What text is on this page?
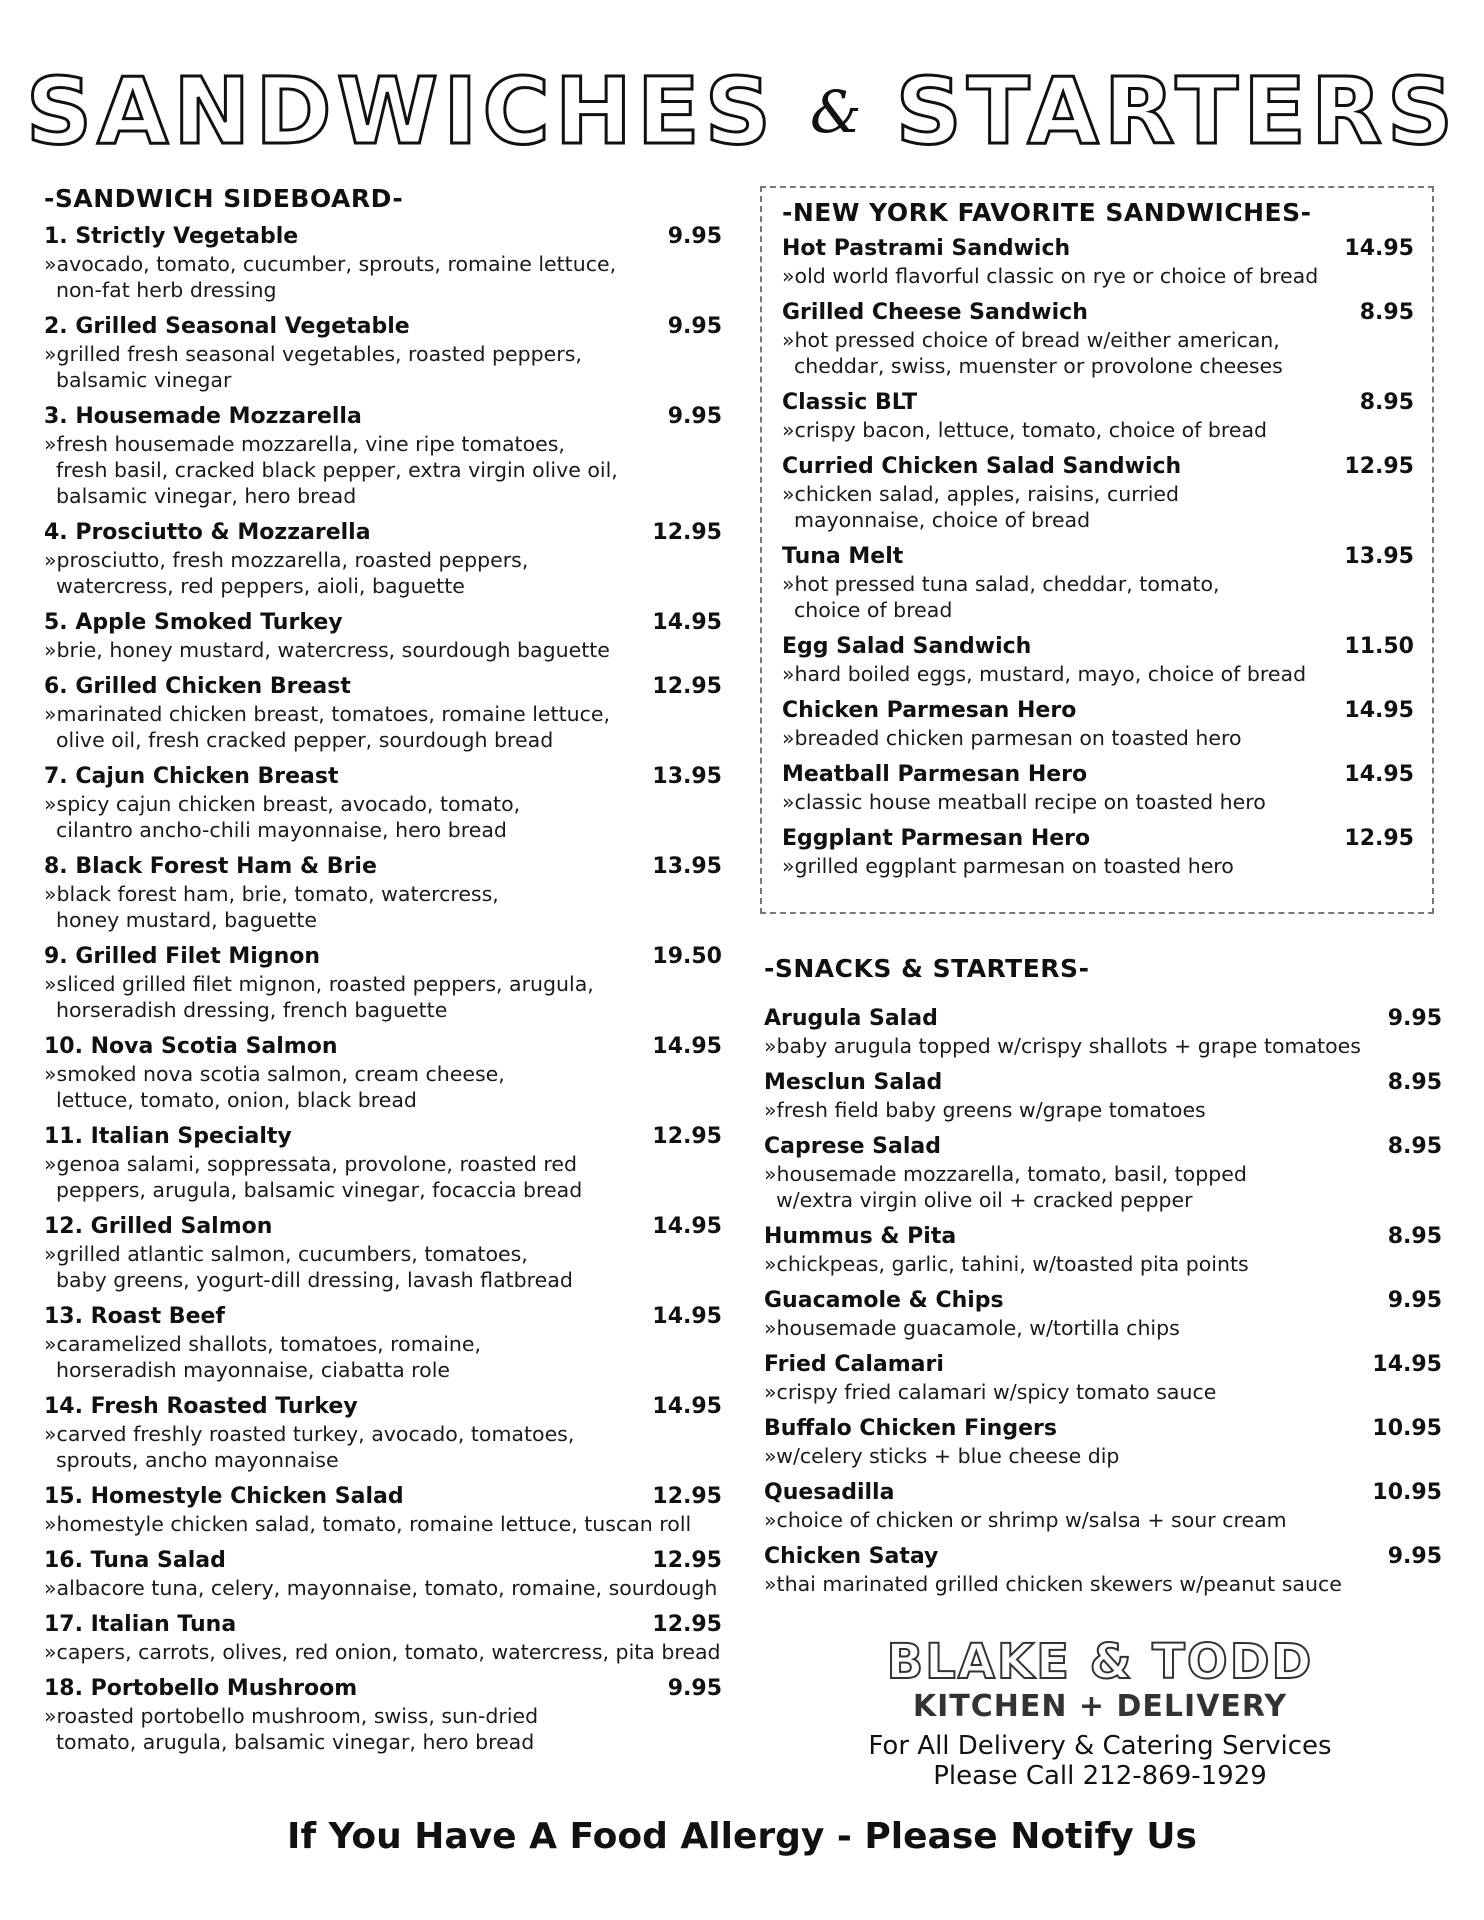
SANDWICHES & STARTERS
-SANDWICH SIDEBOARD-
1. Strictly Vegetable	9.95
»avocado, tomato, cucumber, sprouts, romaine lettuce,
non-fat herb dressing
2. Grilled Seasonal Vegetable	9.95
»grilled fresh seasonal vegetables, roasted peppers,
balsamic vinegar
3. Housemade Mozzarella	9.95
»fresh housemade mozzarella, vine ripe tomatoes,
fresh basil, cracked black pepper, extra virgin olive oil,
balsamic vinegar, hero bread
4. Prosciutto & Mozzarella	12.95
»prosciutto, fresh mozzarella, roasted peppers,
watercress, red peppers, aioli, baguette
5. Apple Smoked Turkey	14.95
»brie, honey mustard, watercress, sourdough baguette
6. Grilled Chicken Breast	12.95
»marinated chicken breast, tomatoes, romaine lettuce,
olive oil, fresh cracked pepper, sourdough bread
7. Cajun Chicken Breast	13.95
»spicy cajun chicken breast, avocado, tomato,
cilantro ancho-chili mayonnaise, hero bread
8. Black Forest Ham & Brie	13.95
»black forest ham, brie, tomato, watercress,
honey mustard, baguette
9. Grilled Filet Mignon	19.50
»sliced grilled filet mignon, roasted peppers, arugula,
horseradish dressing, french baguette
10. Nova Scotia Salmon	14.95
»smoked nova scotia salmon, cream cheese,
lettuce, tomato, onion, black bread
11. Italian Specialty	12.95
»genoa salami, soppressata, provolone, roasted red
peppers, arugula, balsamic vinegar, focaccia bread
12. Grilled Salmon	14.95
»grilled atlantic salmon, cucumbers, tomatoes,
baby greens, yogurt-dill dressing, lavash flatbread
13. Roast Beef	14.95
»caramelized shallots, tomatoes, romaine,
horseradish mayonnaise, ciabatta role
14. Fresh Roasted Turkey	14.95
»carved freshly roasted turkey, avocado, tomatoes,
sprouts, ancho mayonnaise
15. Homestyle Chicken Salad	12.95
»homestyle chicken salad, tomato, romaine lettuce, tuscan roll
16. Tuna Salad	12.95
»albacore tuna, celery, mayonnaise, tomato, romaine, sourdough
17. Italian Tuna	12.95
»capers, carrots, olives, red onion, tomato, watercress, pita bread
18. Portobello Mushroom	9.95
»roasted portobello mushroom, swiss, sun-dried
tomato, arugula, balsamic vinegar, hero bread
-NEW YORK FAVORITE SANDWICHES-
Hot Pastrami Sandwich	14.95
»old world flavorful classic on rye or choice of bread
Grilled Cheese Sandwich	8.95
»hot pressed choice of bread w/either american,
cheddar, swiss, muenster or provolone cheeses
Classic BLT	8.95
»crispy bacon, lettuce, tomato, choice of bread
Curried Chicken Salad Sandwich	12.95
»chicken salad, apples, raisins, curried
mayonnaise, choice of bread
Tuna Melt	13.95
»hot pressed tuna salad, cheddar, tomato,
choice of bread
Egg Salad Sandwich	11.50
»hard boiled eggs, mustard, mayo, choice of bread
Chicken Parmesan Hero	14.95
»breaded chicken parmesan on toasted hero
Meatball Parmesan Hero	14.95
»classic house meatball recipe on toasted hero
Eggplant Parmesan Hero	12.95
»grilled eggplant parmesan on toasted hero
-SNACKS & STARTERS-
Arugula Salad	9.95
»baby arugula topped w/crispy shallots + grape tomatoes
Mesclun Salad	8.95
»fresh field baby greens w/grape tomatoes
Caprese Salad	8.95
»housemade mozzarella, tomato, basil, topped
w/extra virgin olive oil + cracked pepper
Hummus & Pita	8.95
»chickpeas, garlic, tahini, w/toasted pita points
Guacamole & Chips	9.95
»housemade guacamole, w/tortilla chips
Fried Calamari	14.95
»crispy fried calamari w/spicy tomato sauce
Buffalo Chicken Fingers	10.95
»w/celery sticks + blue cheese dip
Quesadilla	10.95
»choice of chicken or shrimp w/salsa + sour cream
Chicken Satay	9.95
»thai marinated grilled chicken skewers w/peanut sauce
BLAKE & TODD
KITCHEN + DELIVERY
For All Delivery & Catering Services
Please Call 212-869-1929
If You Have A Food Allergy - Please Notify Us
